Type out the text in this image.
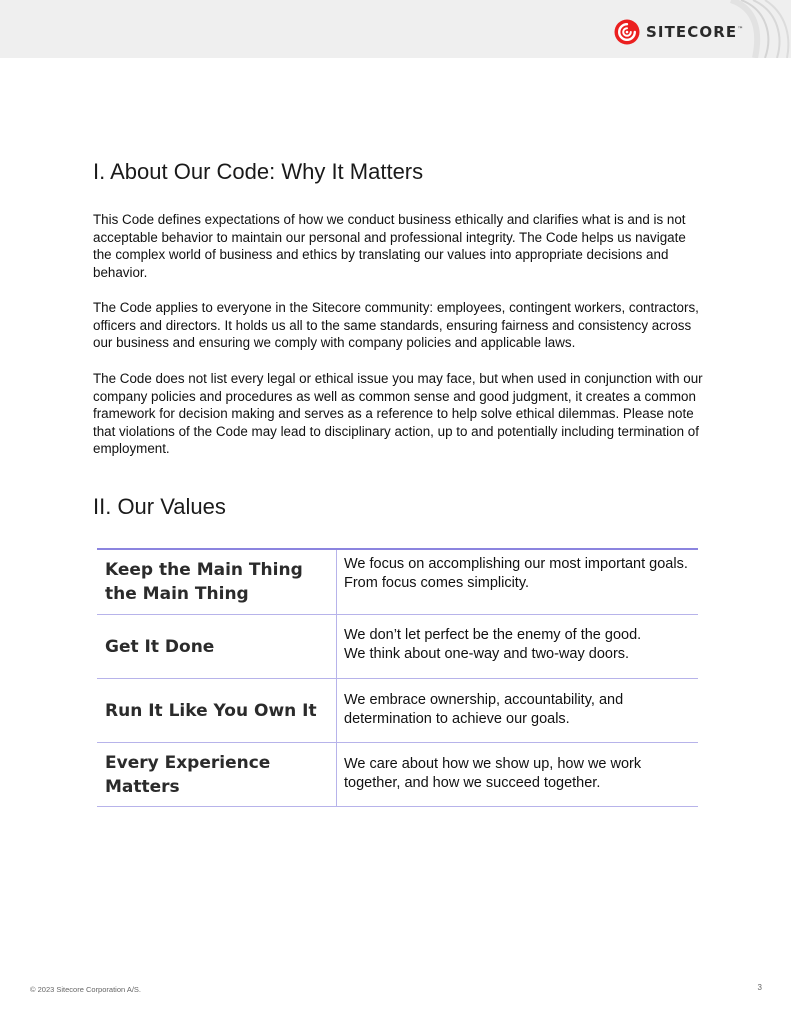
SITECORE™
I. About Our Code: Why It Matters

This Code defines expectations of how we conduct business ethically and clarifies what is and is not acceptable behavior to maintain our personal and professional integrity. The Code helps us navigate the complex world of business and ethics by translating our values into appropriate decisions and behavior.

The Code applies to everyone in the Sitecore community: employees, contingent workers, contractors, officers and directors. It holds us all to the same standards, ensuring fairness and consistency across our business and ensuring we comply with company policies and applicable laws.

The Code does not list every legal or ethical issue you may face, but when used in conjunction with our company policies and procedures as well as common sense and good judgment, it creates a common framework for decision making and serves as a reference to help solve ethical dilemmas. Please note that violations of the Code may lead to disciplinary action, up to and potentially including termination of employment.

II. Our Values
Keep the Main Thing the Main Thing
We focus on accomplishing our most important goals.
From focus comes simplicity.
Get It Done
We don’t let perfect be the enemy of the good.
We think about one-way and two-way doors.
Run It Like You Own It
We embrace ownership, accountability, and determination to achieve our goals.
Every Experience Matters
We care about how we show up, how we work together, and how we succeed together.
© 2023 Sitecore Corporation A/S.	3
